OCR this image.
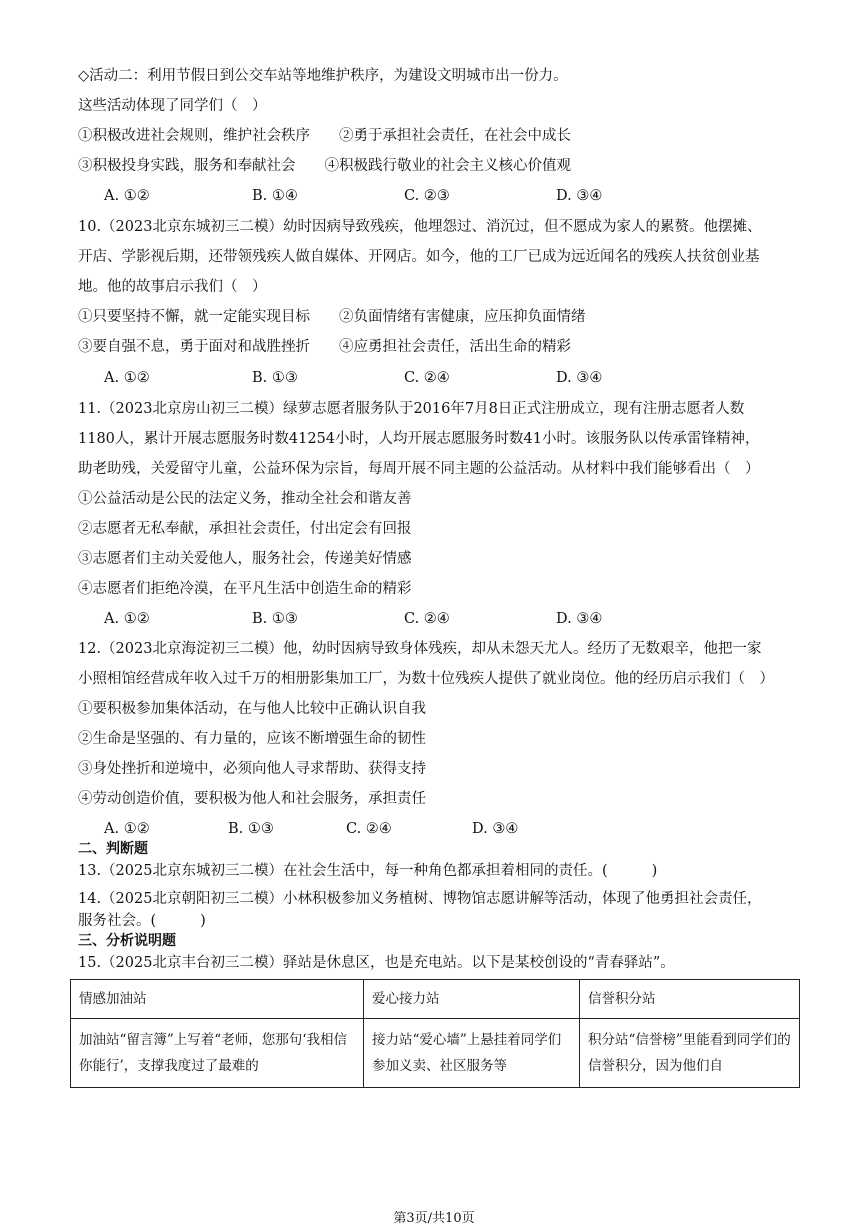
◇活动二：利用节假日到公交车站等地维护秩序，为建设文明城市出一份力。
这些活动体现了同学们（　）
①积极改进社会规则，维护社会秩序　　②勇于承担社会责任，在社会中成长
③积极投身实践，服务和奉献社会　　④积极践行敬业的社会主义核心价值观
A. ①②	B. ①④	C. ②③	D. ③④
10.（2023北京东城初三二模）幼时因病导致残疾，他埋怨过、消沉过，但不愿成为家人的累赘。他摆摊、
开店、学影视后期，还带领残疾人做自媒体、开网店。如今，他的工厂已成为远近闻名的残疾人扶贫创业基
地。他的故事启示我们（　）
①只要坚持不懈，就一定能实现目标　　②负面情绪有害健康，应压抑负面情绪
③要自强不息，勇于面对和战胜挫折　　④应勇担社会责任，活出生命的精彩
A. ①②	B. ①③	C. ②④	D. ③④
11.（2023北京房山初三二模）绿萝志愿者服务队于2016年7月8日正式注册成立，现有注册志愿者人数
1180人，累计开展志愿服务时数41254小时，人均开展志愿服务时数41小时。该服务队以传承雷锋精神，
助老助残，关爱留守儿童，公益环保为宗旨，每周开展不同主题的公益活动。从材料中我们能够看出（　）
①公益活动是公民的法定义务，推动全社会和谐友善
②志愿者无私奉献，承担社会责任，付出定会有回报
③志愿者们主动关爱他人，服务社会，传递美好情感
④志愿者们拒绝冷漠，在平凡生活中创造生命的精彩
A. ①②	B. ①③	C. ②④	D. ③④
12.（2023北京海淀初三二模）他，幼时因病导致身体残疾，却从未怨天尤人。经历了无数艰辛，他把一家
小照相馆经营成年收入过千万的相册影集加工厂，为数十位残疾人提供了就业岗位。他的经历启示我们（　）
①要积极参加集体活动，在与他人比较中正确认识自我
②生命是坚强的、有力量的，应该不断增强生命的韧性
③身处挫折和逆境中，必须向他人寻求帮助、获得支持
④劳动创造价值，要积极为他人和社会服务，承担责任
A. ①②	B. ①③	C. ②④	D. ③④
二、判断题
13.（2025北京东城初三二模）在社会生活中，每一种角色都承担着相同的责任。(	)
14.（2025北京朝阳初三二模）小林积极参加义务植树、博物馆志愿讲解等活动，体现了他勇担社会责任，
服务社会。(	)
三、分析说明题
15.（2025北京丰台初三二模）驿站是休息区，也是充电站。以下是某校创设的“青春驿站”。
情感加油站	爱心接力站	信誉积分站
加油站“留言簿”上写着“老师，您那句‘我相信你能行’，支撑我度过了最难的	接力站“爱心墙”上悬挂着同学们参加义卖、社区服务等	积分站“信誉榜”里能看到同学们的信誉积分，因为他们自
第3页/共10页
